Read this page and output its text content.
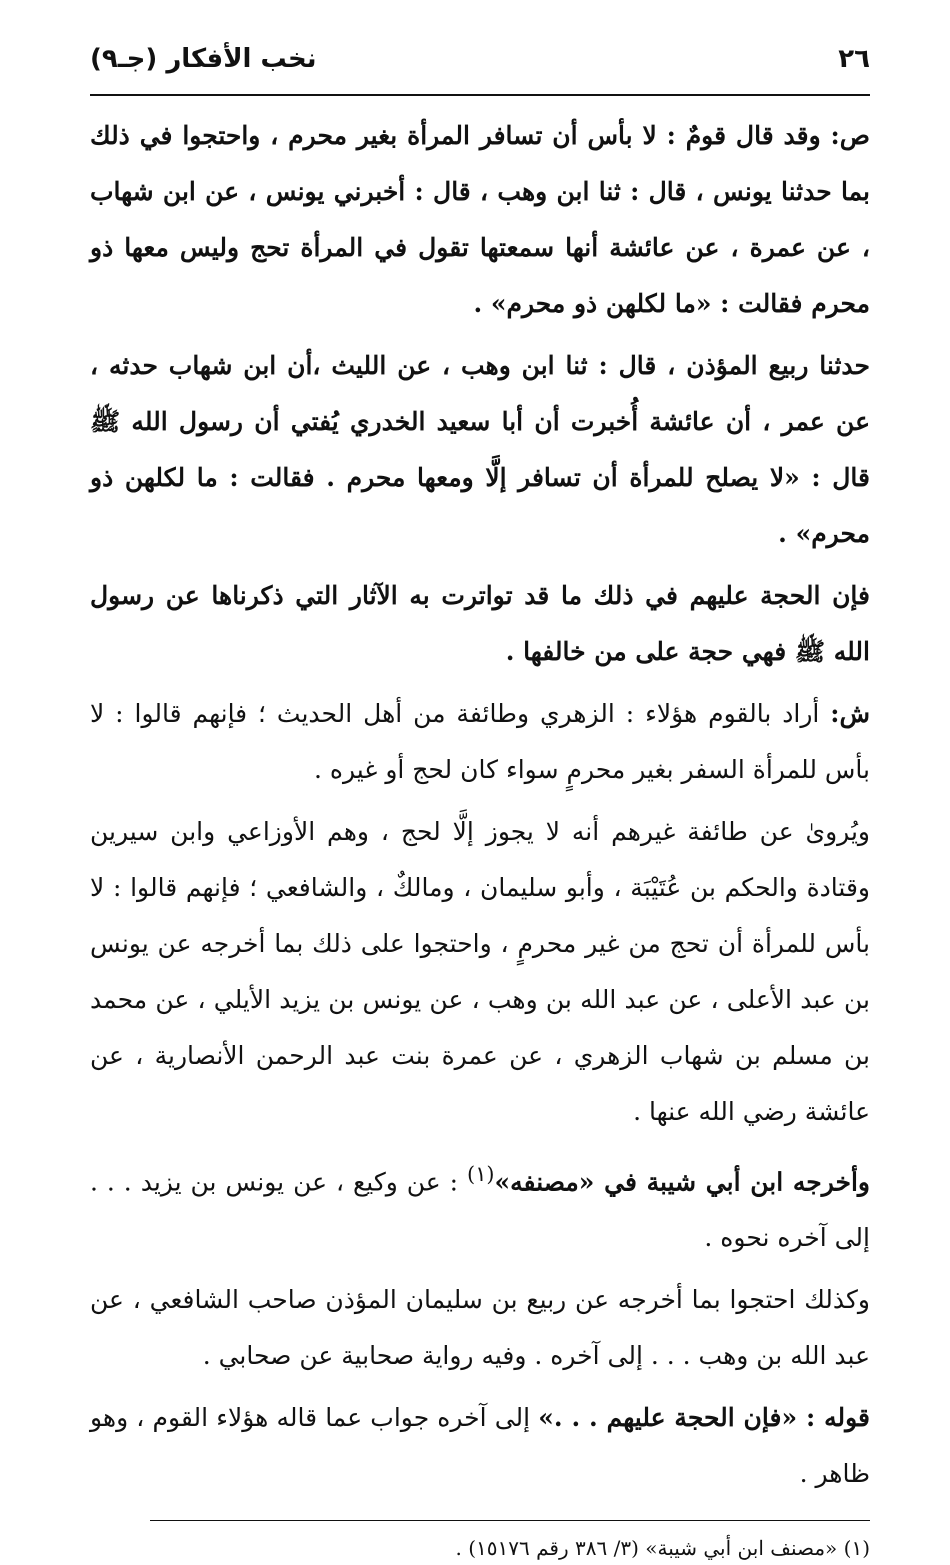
٢٦
نخب الأفكار (جـ٩)

ص: وقد قال قومٌ : لا بأس أن تسافر المرأة بغير محرم ، واحتجوا في ذلك بما حدثنا يونس ، قال : ثنا ابن وهب ، قال : أخبرني يونس ، عن ابن شهاب ، عن عمرة ، عن عائشة أنها سمعتها تقول في المرأة تحج وليس معها ذو محرم فقالت : «ما لكلهن ذو محرم» .

حدثنا ربيع المؤذن ، قال : ثنا ابن وهب ، عن الليث ،أن ابن شهاب حدثه ، عن عمر ، أن عائشة أُخبرت أن أبا سعيد الخدري يُفتي أن رسول الله ﷺ قال : «لا يصلح للمرأة أن تسافر إلَّا ومعها محرم . فقالت : ما لكلهن ذو محرم» .

فإن الحجة عليهم في ذلك ما قد تواترت به الآثار التي ذكرناها عن رسول الله ﷺ فهي حجة على من خالفها .

ش: أراد بالقوم هؤلاء : الزهري وطائفة من أهل الحديث ؛ فإنهم قالوا : لا بأس للمرأة السفر بغير محرمٍ سواء كان لحج أو غيره .

ويُروىٰ عن طائفة غيرهم أنه لا يجوز إلَّا لحج ، وهم الأوزاعي وابن سيرين وقتادة والحكم بن عُتَيْبَة ، وأبو سليمان ، ومالكٌ ، والشافعي ؛ فإنهم قالوا : لا بأس للمرأة أن تحج من غير محرمٍ ، واحتجوا على ذلك بما أخرجه عن يونس بن عبد الأعلى ، عن عبد الله بن وهب ، عن يونس بن يزيد الأيلي ، عن محمد بن مسلم بن شهاب الزهري ، عن عمرة بنت عبد الرحمن الأنصارية ، عن عائشة رضي الله عنها .

وأخرجه ابن أبي شيبة في «مصنفه»$^{(١)}$ : عن وكيع ، عن يونس بن يزيد . . . إلى آخره نحوه .

وكذلك احتجوا بما أخرجه عن ربيع بن سليمان المؤذن صاحب الشافعي ، عن عبد الله بن وهب . . . إلى آخره . وفيه رواية صحابية عن صحابي .

قوله : «فإن الحجة عليهم . . .» إلى آخره جواب عما قاله هؤلاء القوم ، وهو ظاهر .

(١) «مصنف ابن أبي شيبة» (٣/ ٣٨٦ رقم ١٥١٧٦) .
